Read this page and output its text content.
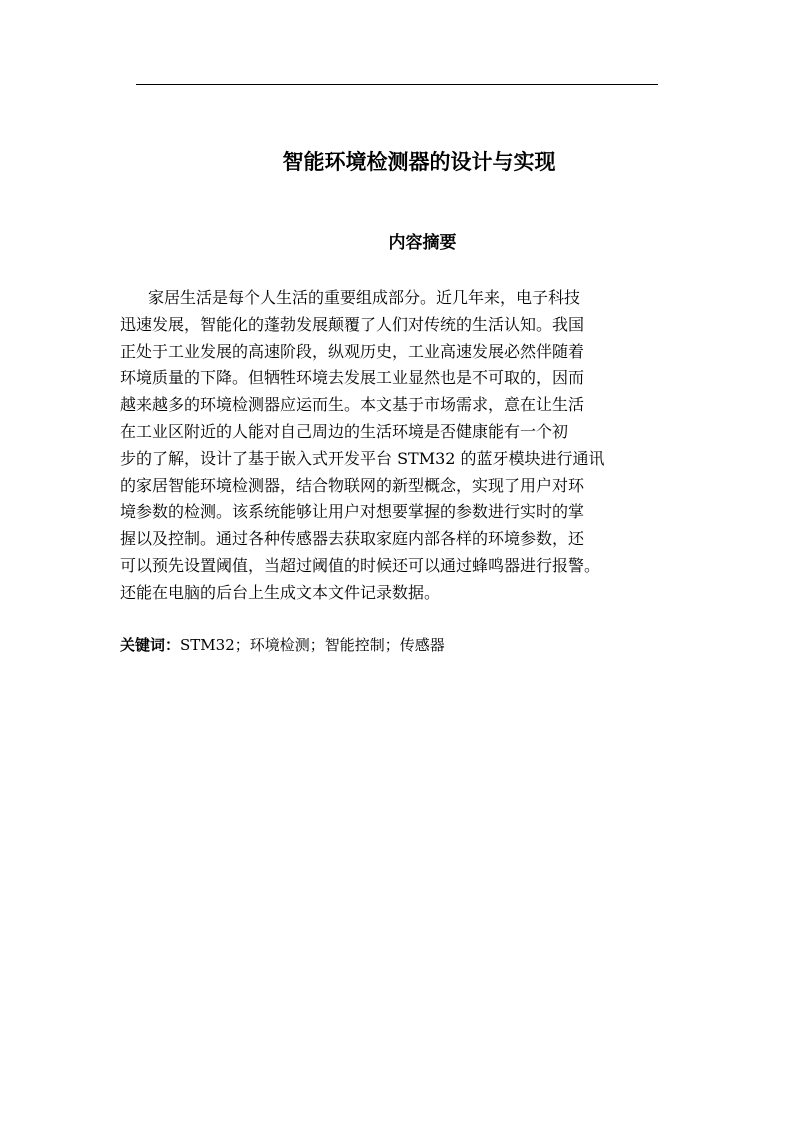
智能环境检测器的设计与实现
内容摘要
家居生活是每个人生活的重要组成部分。近几年来，电子科技
迅速发展，智能化的蓬勃发展颠覆了人们对传统的生活认知。我国
正处于工业发展的高速阶段，纵观历史，工业高速发展必然伴随着
环境质量的下降。但牺牲环境去发展工业显然也是不可取的，因而
越来越多的环境检测器应运而生。本文基于市场需求，意在让生活
在工业区附近的人能对自己周边的生活环境是否健康能有一个初
步的了解，设计了基于嵌入式开发平台 STM32 的蓝牙模块进行通讯
的家居智能环境检测器，结合物联网的新型概念，实现了用户对环
境参数的检测。该系统能够让用户对想要掌握的参数进行实时的掌
握以及控制。通过各种传感器去获取家庭内部各样的环境参数，还
可以预先设置阈值，当超过阈值的时候还可以通过蜂鸣器进行报警。
还能在电脑的后台上生成文本文件记录数据。

关键词：STM32；环境检测；智能控制；传感器
